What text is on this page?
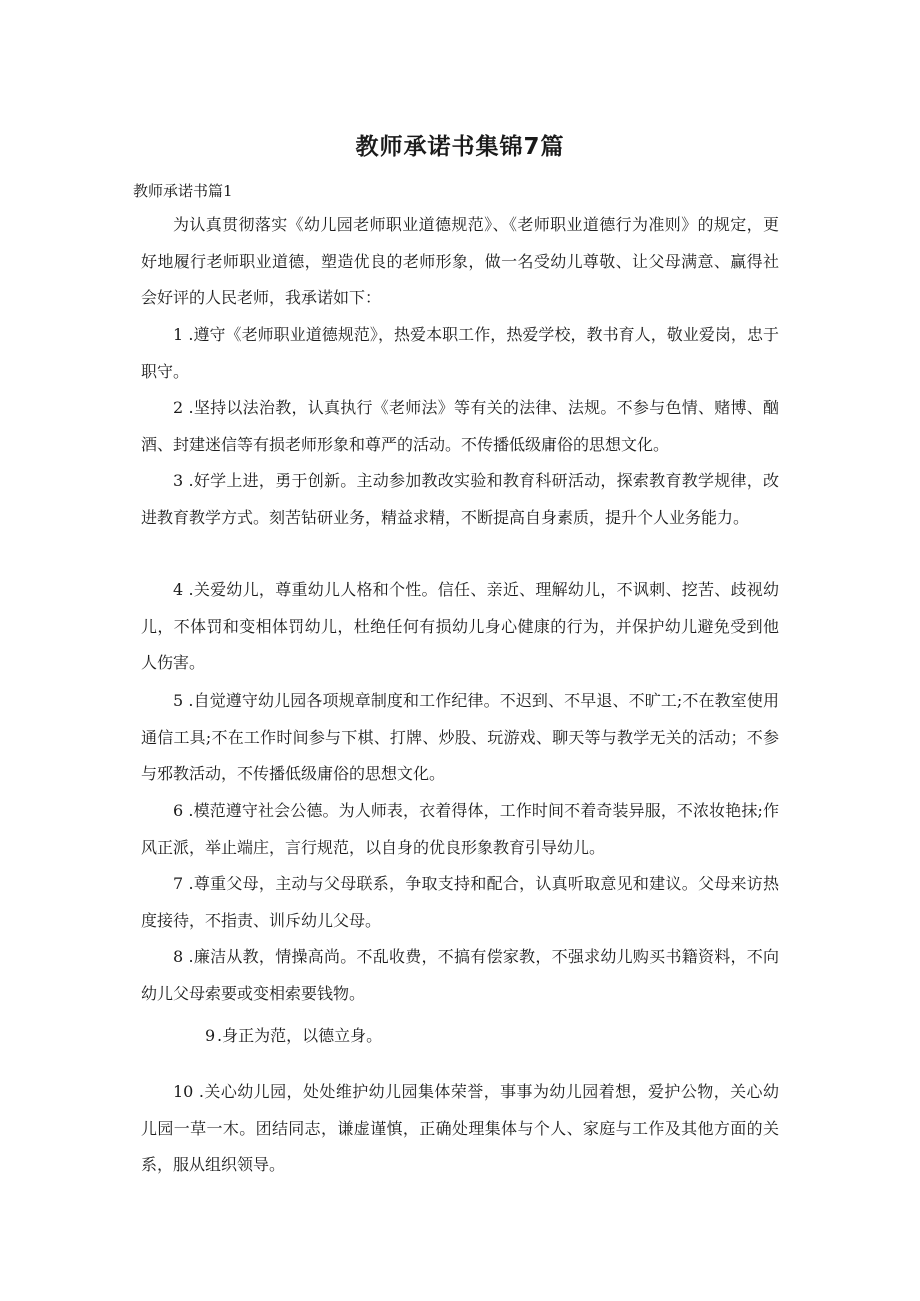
教师承诺书集锦7篇

教师承诺书篇1

为认真贯彻落实《幼儿园老师职业道德规范》、《老师职业道德行为准则》的规定，更好地履行老师职业道德，塑造优良的老师形象，做一名受幼儿尊敬、让父母满意、赢得社会好评的人民老师，我承诺如下：

1 .遵守《老师职业道德规范》，热爱本职工作，热爱学校，教书育人，敬业爱岗，忠于职守。

2 .坚持以法治教，认真执行《老师法》等有关的法律、法规。不参与色情、赌博、酗酒、封建迷信等有损老师形象和尊严的活动。不传播低级庸俗的思想文化。

3 .好学上进，勇于创新。主动参加教改实验和教育科研活动，探索教育教学规律，改进教育教学方式。刻苦钻研业务，精益求精，不断提高自身素质，提升个人业务能力。

4 .关爱幼儿，尊重幼儿人格和个性。信任、亲近、理解幼儿，不讽刺、挖苦、歧视幼儿，不体罚和变相体罚幼儿，杜绝任何有损幼儿身心健康的行为，并保护幼儿避免受到他人伤害。

5 .自觉遵守幼儿园各项规章制度和工作纪律。不迟到、不早退、不旷工;不在教室使用通信工具;不在工作时间参与下棋、打牌、炒股、玩游戏、聊天等与教学无关的活动；不参与邪教活动，不传播低级庸俗的思想文化。

6 .模范遵守社会公德。为人师表，衣着得体，工作时间不着奇装异服，不浓妆艳抹;作风正派，举止端庄，言行规范，以自身的优良形象教育引导幼儿。

7 .尊重父母，主动与父母联系，争取支持和配合，认真听取意见和建议。父母来访热度接待，不指责、训斥幼儿父母。

8 .廉洁从教，情操高尚。不乱收费，不搞有偿家教，不强求幼儿购买书籍资料，不向幼儿父母索要或变相索要钱物。

9 .身正为范，以德立身。

10 .关心幼儿园，处处维护幼儿园集体荣誉，事事为幼儿园着想，爱护公物，关心幼儿园一草一木。团结同志，谦虚谨慎，正确处理集体与个人、家庭与工作及其他方面的关系，服从组织领导。
